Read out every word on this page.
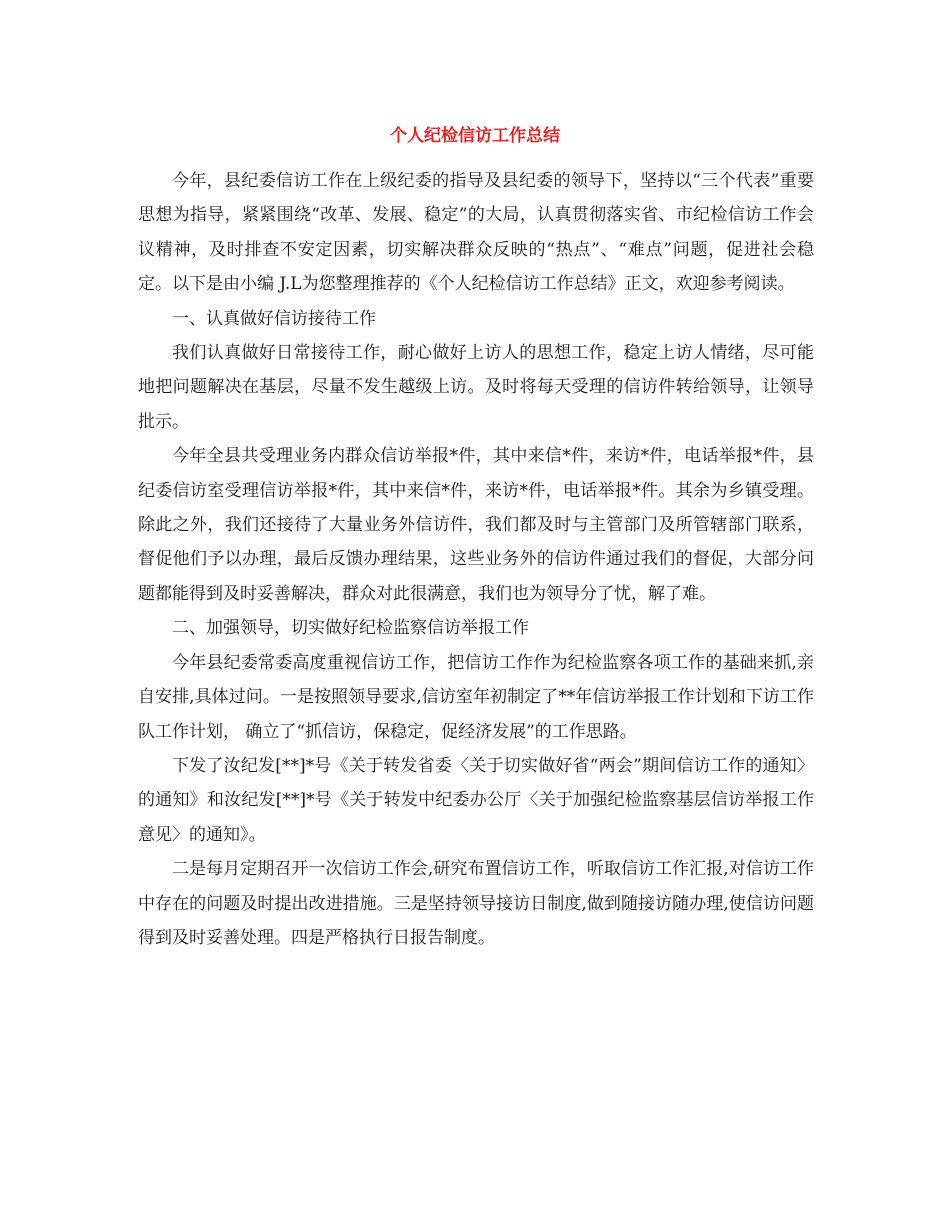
个人纪检信访工作总结

今年，县纪委信访工作在上级纪委的指导及县纪委的领导下，坚持以“三个代表”重要思想为指导，紧紧围绕“改革、发展、稳定”的大局，认真贯彻落实省、市纪检信访工作会议精神，及时排查不安定因素，切实解决群众反映的“热点”、“难点”问题，促进社会稳定。以下是由小编 J.L为您整理推荐的《个人纪检信访工作总结》正文，欢迎参考阅读。

一、认真做好信访接待工作

我们认真做好日常接待工作，耐心做好上访人的思想工作，稳定上访人情绪，尽可能地把问题解决在基层，尽量不发生越级上访。及时将每天受理的信访件转给领导，让领导批示。

今年全县共受理业务内群众信访举报*件，其中来信*件，来访*件，电话举报*件，县纪委信访室受理信访举报*件，其中来信*件，来访*件，电话举报*件。其余为乡镇受理。除此之外，我们还接待了大量业务外信访件，我们都及时与主管部门及所管辖部门联系，督促他们予以办理，最后反馈办理结果，这些业务外的信访件通过我们的督促，大部分问题都能得到及时妥善解决，群众对此很满意，我们也为领导分了忧，解了难。

二、加强领导，切实做好纪检监察信访举报工作

今年县纪委常委高度重视信访工作，把信访工作作为纪检监察各项工作的基础来抓,亲自安排,具体过问。一是按照领导要求,信访室年初制定了**年信访举报工作计划和下访工作队工作计划， 确立了“抓信访，保稳定，促经济发展”的工作思路。

下发了汝纪发[**]*号《关于转发省委〈关于切实做好省“两会”期间信访工作的通知〉的通知》和汝纪发[**]*号《关于转发中纪委办公厅〈关于加强纪检监察基层信访举报工作意见〉的通知》。

二是每月定期召开一次信访工作会,研究布置信访工作，听取信访工作汇报,对信访工作中存在的问题及时提出改进措施。三是坚持领导接访日制度,做到随接访随办理,使信访问题得到及时妥善处理。四是严格执行日报告制度。
